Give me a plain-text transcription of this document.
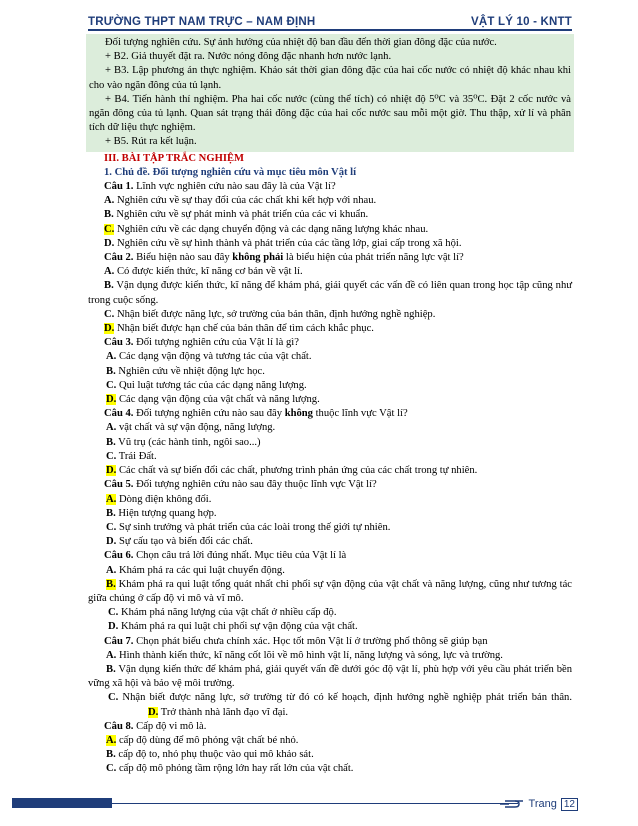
TRƯỜNG THPT NAM TRỰC – NAM ĐỊNH	VẬT LÝ 10 - KNTT

Đối tượng nghiên cứu. Sự ảnh hưởng của nhiệt độ ban đầu đến thời gian đông đặc của nước.

+ B2. Giả thuyết đặt ra. Nước nóng đông đặc nhanh hơn nước lạnh.

+ B3. Lập phương án thực nghiệm. Khảo sát thời gian đông đặc của hai cốc nước có nhiệt độ khác nhau khi cho vào ngăn đông của tủ lạnh.

+ B4. Tiến hành thí nghiệm. Pha hai cốc nước (cùng thể tích) có nhiệt độ 5⁰C và 35⁰C. Đặt 2 cốc nước và ngăn đông của tủ lạnh. Quan sát trạng thái đông đặc của hai cốc nước sau mỗi một giờ. Thu thập, xử lí và phân tích dữ liệu thực nghiệm.

+ B5. Rút ra kết luận.

III. BÀI TẬP TRẮC NGHIỆM
1. Chủ đề. Đối tượng nghiên cứu và mục tiêu môn Vật lí
Câu 1. Lĩnh vực nghiên cứu nào sau đây là của Vật lí?
A. Nghiên cứu về sự thay đổi của các chất khi kết hợp với nhau.
B. Nghiên cứu về sự phát minh và phát triển của các vi khuẩn.
C. Nghiên cứu về các dạng chuyển động và các dạng năng lượng khác nhau.
D. Nghiên cứu về sự hình thành và phát triển của các tầng lớp, giai cấp trong xã hội.
Câu 2. Biểu hiện nào sau đây không phải là biểu hiện của phát triển năng lực vật lí?
A. Có được kiến thức, kĩ năng cơ bản về vật lí.
B. Vận dụng được kiến thức, kĩ năng để khám phá, giải quyết các vấn đề có liên quan trong học tập cũng như trong cuộc sống.
C. Nhận biết được năng lực, sở trường của bản thân, định hướng nghề nghiệp.
D. Nhận biết được hạn chế của bản thân để tìm cách khắc phục.
Câu 3. Đối tượng nghiên cứu của Vật lí là gì?
A. Các dạng vận động và tương tác của vật chất.
B. Nghiên cứu về nhiệt động lực học.
C. Qui luật tương tác của các dạng năng lượng.
D. Các dạng vận động của vật chất và năng lượng.
Câu 4. Đối tượng nghiên cứu nào sau đây không thuộc lĩnh vực Vật lí?
A. vật chất và sự vận động, năng lượng.
B. Vũ trụ (các hành tinh, ngôi sao...)
C. Trái Đất.
D. Các chất và sự biến đổi các chất, phương trình phản ứng của các chất trong tự nhiên.
Câu 5. Đối tượng nghiên cứu nào sau đây thuộc lĩnh vực Vật lí?
A. Dòng điện không đổi.
B. Hiện tượng quang hợp.
C. Sự sinh trưởng và phát triển của các loài trong thế giới tự nhiên.
D. Sự cấu tạo và biến đổi các chất.
Câu 6. Chọn câu trả lời đúng nhất. Mục tiêu của Vật lí là
A. Khám phá ra các qui luật chuyển động.
B. Khám phá ra qui luật tổng quát nhất chi phối sự vận động của vật chất và năng lượng, cũng như tương tác giữa chúng ở cấp độ vi mô và vĩ mô.
C. Khám phá năng lượng của vật chất ở nhiều cấp độ.
D. Khám phá ra qui luật chi phối sự vận động của vật chất.
Câu 7. Chọn phát biểu chưa chính xác. Học tốt môn Vật lí ở trường phổ thông sẽ giúp bạn
A. Hình thành kiến thức, kĩ năng cốt lõi về mô hình vật lí, năng lượng và sóng, lực và trường.
B. Vận dụng kiến thức để khám phá, giải quyết vấn đề dưới góc độ vật lí, phù hợp với yêu cầu phát triển bền vững xã hội và bảo vệ môi trường.
C. Nhận biết được năng lực, sở trường từ đó có kế hoạch, định hướng nghề nghiệp phát triển bản thân. D. Trở thành nhà lãnh đạo vĩ đại.
Câu 8. Cấp độ vi mô là.
A. cấp độ dùng để mô phỏng vật chất bé nhỏ.
B. cấp độ to, nhỏ phụ thuộc vào qui mô khảo sát.
C. cấp độ mô phỏng tầm rộng lớn hay rất lớn của vật chất.
Trang 12
